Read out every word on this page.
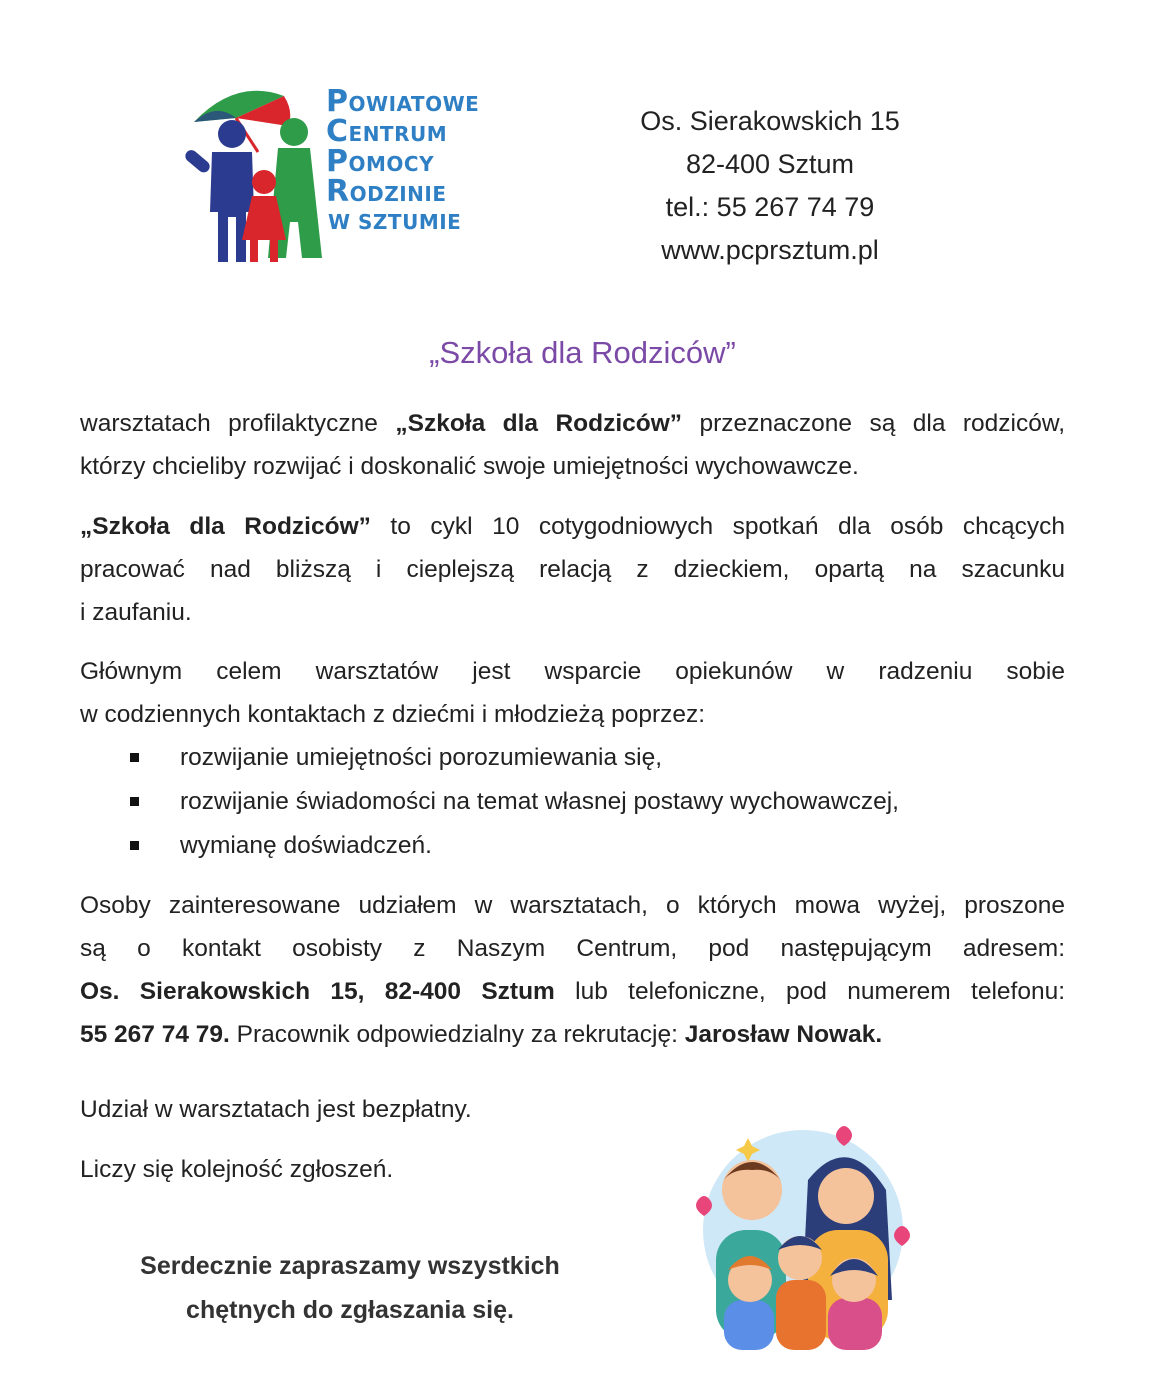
POWIATOWE
CENTRUM
POMOCY
RODZINIE
W SZTUMIE
Os. Sierakowskich 15
82-400 Sztum
tel.: 55 267 74 79
www.pcprsztum.pl
„Szkoła dla Rodziców”
warsztatach profilaktyczne „Szkoła dla Rodziców” przeznaczone są dla rodziców,
którzy chcieliby rozwijać i doskonalić swoje umiejętności wychowawcze.
„Szkoła dla Rodziców” to cykl 10 cotygodniowych spotkań dla osób chcących
pracować nad bliższą i cieplejszą relacją z dzieckiem, opartą na szacunku
i zaufaniu.
Głównym celem warsztatów jest wsparcie opiekunów w radzeniu sobie
w codziennych kontaktach z dziećmi i młodzieżą poprzez:
rozwijanie umiejętności porozumiewania się,
rozwijanie świadomości na temat własnej postawy wychowawczej,
wymianę doświadczeń.
Osoby zainteresowane udziałem w warsztatach, o których mowa wyżej, proszone
są o kontakt osobisty z Naszym Centrum, pod następującym adresem:
Os. Sierakowskich 15, 82-400 Sztum lub telefoniczne, pod numerem telefonu:
55 267 74 79. Pracownik odpowiedzialny za rekrutację: Jarosław Nowak.
Udział w warsztatach jest bezpłatny.
Liczy się kolejność zgłoszeń.
Serdecznie zapraszamy wszystkich
chętnych do zgłaszania się.
